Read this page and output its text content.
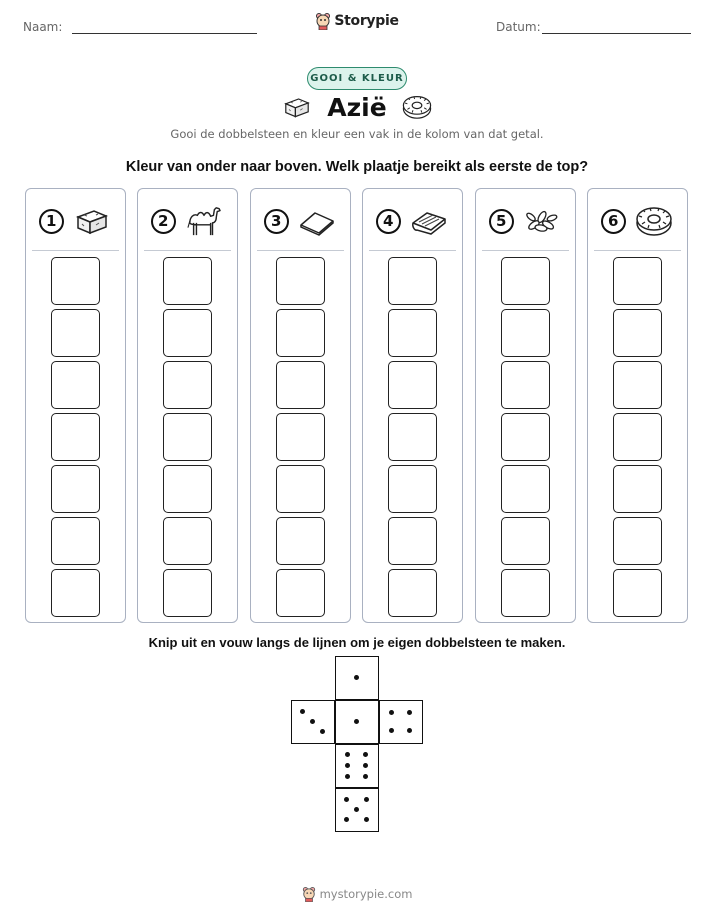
Naam:	Datum:
Storypie
GOOI & KLEUR
Azië
Gooi de dobbelsteen en kleur een vak in de kolom van dat getal.
Kleur van onder naar boven. Welk plaatje bereikt als eerste de top?
1	2	3	4	5	6
Knip uit en vouw langs de lijnen om je eigen dobbelsteen te maken.
mystorypie.com
